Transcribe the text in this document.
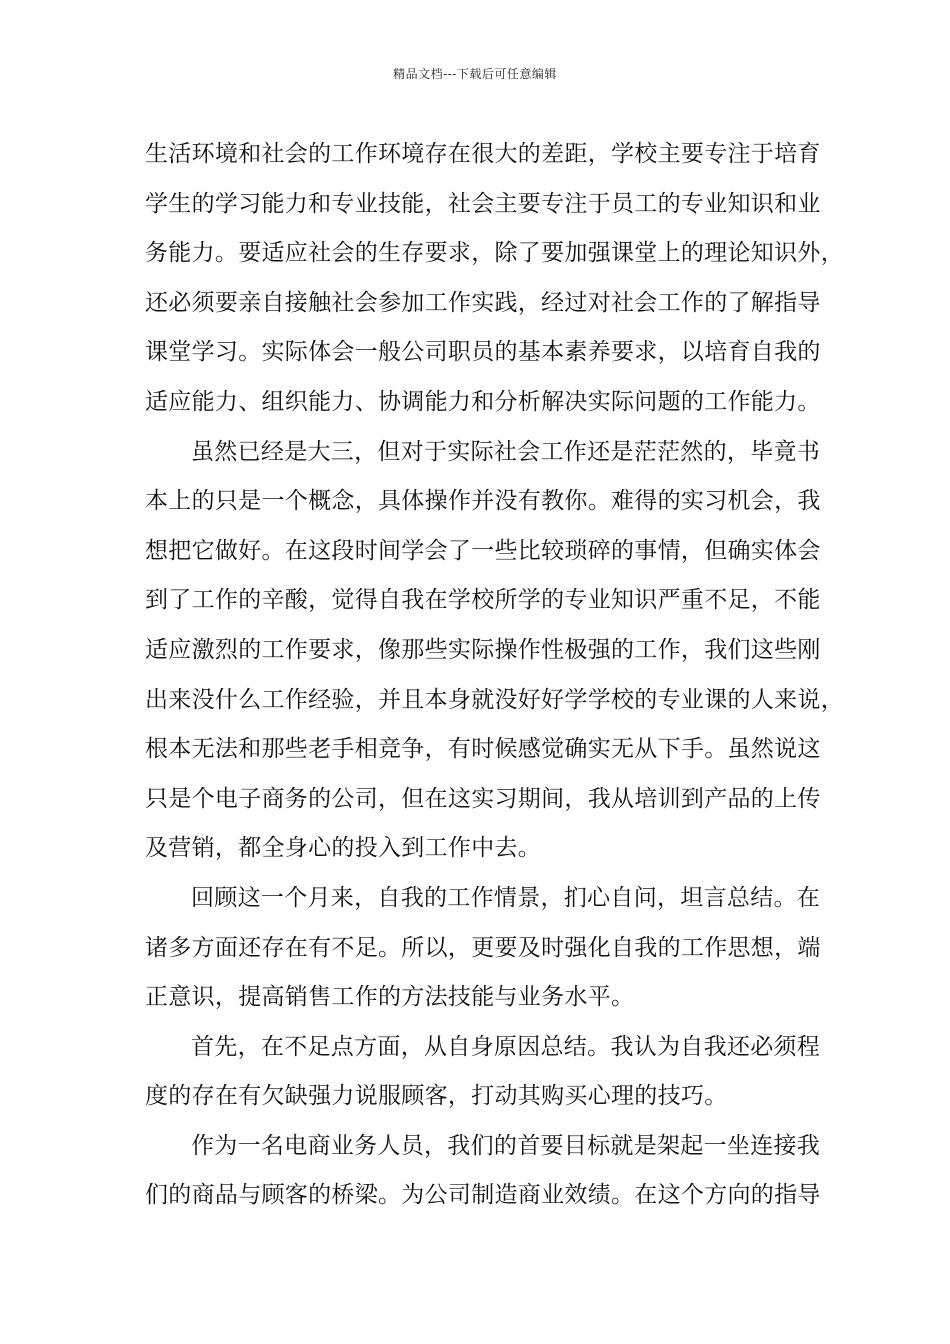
精品文档---下载后可任意编辑
生活环境和社会的工作环境存在很大的差距，学校主要专注于培育
学生的学习能力和专业技能，社会主要专注于员工的专业知识和业
务能力。要适应社会的生存要求，除了要加强课堂上的理论知识外，
还必须要亲自接触社会参加工作实践，经过对社会工作的了解指导
课堂学习。实际体会一般公司职员的基本素养要求，以培育自我的
适应能力、组织能力、协调能力和分析解决实际问题的工作能力。
虽然已经是大三，但对于实际社会工作还是茫茫然的，毕竟书
本上的只是一个概念，具体操作并没有教你。难得的实习机会，我
想把它做好。在这段时间学会了一些比较琐碎的事情，但确实体会
到了工作的辛酸，觉得自我在学校所学的专业知识严重不足，不能
适应激烈的工作要求，像那些实际操作性极强的工作，我们这些刚
出来没什么工作经验，并且本身就没好好学学校的专业课的人来说，
根本无法和那些老手相竞争，有时候感觉确实无从下手。虽然说这
只是个电子商务的公司，但在这实习期间，我从培训到产品的上传
及营销，都全身心的投入到工作中去。
回顾这一个月来，自我的工作情景，扪心自问，坦言总结。在
诸多方面还存在有不足。所以，更要及时强化自我的工作思想，端
正意识，提高销售工作的方法技能与业务水平。
首先，在不足点方面，从自身原因总结。我认为自我还必须程
度的存在有欠缺强力说服顾客，打动其购买心理的技巧。
作为一名电商业务人员，我们的首要目标就是架起一坐连接我
们的商品与顾客的桥梁。为公司制造商业效绩。在这个方向的指导
